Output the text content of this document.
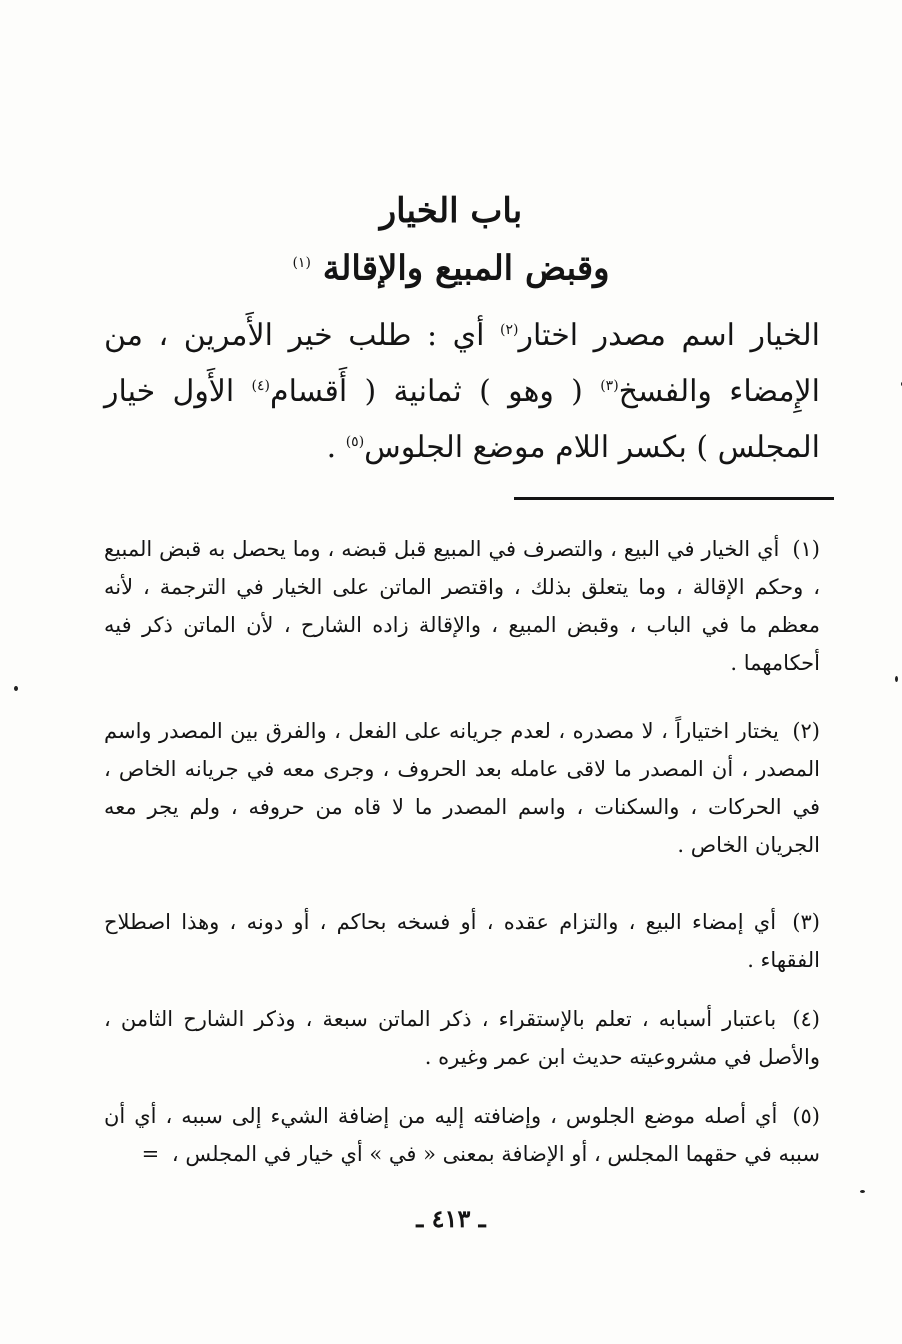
باب الخيار
وقبض المبيع والإقالة $^{(١)}$
الخيار اسم مصدر اختار$^{(٢)}$ أي : طلب خير الأَمرين ، من الإِمضاء والفسخ$^{(٣)}$ ( وهو ) ثمانية ( أَقسام$^{(٤)}$ الأَول خيار المجلس ) بكسر اللام موضع الجلوس$^{(٥)}$ .
(١) أي الخيار في البيع ، والتصرف في المبيع قبل قبضه ، وما يحصل به قبض المبيع ، وحكم الإقالة ، وما يتعلق بذلك ، واقتصر الماتن على الخيار في الترجمة ، لأنه معظم ما في الباب ، وقبض المبيع ، والإقالة زاده الشارح ، لأن الماتن ذكر فيه أحكامهما .
(٢) يختار اختياراً ، لا مصدره ، لعدم جريانه على الفعل ، والفرق بين المصدر واسم المصدر ، أن المصدر ما لاقى عامله بعد الحروف ، وجرى معه في جريانه الخاص ، في الحركات ، والسكنات ، واسم المصدر ما لا قاه من حروفه ، ولم يجر معه الجريان الخاص .
(٣) أي إمضاء البيع ، والتزام عقده ، أو فسخه بحاكم ، أو دونه ، وهذا اصطلاح الفقهاء .
(٤) باعتبار أسبابه ، تعلم بالإستقراء ، ذكر الماتن سبعة ، وذكر الشارح الثامن ، والأصل في مشروعيته حديث ابن عمر وغيره .
(٥) أي أصله موضع الجلوس ، وإضافته إليه من إضافة الشيء إلى سببه ، أي أن سببه في حقهما المجلس ، أو الإضافة بمعنى « في » أي خيار في المجلس ، =
ـ ٤١٣ ـ
